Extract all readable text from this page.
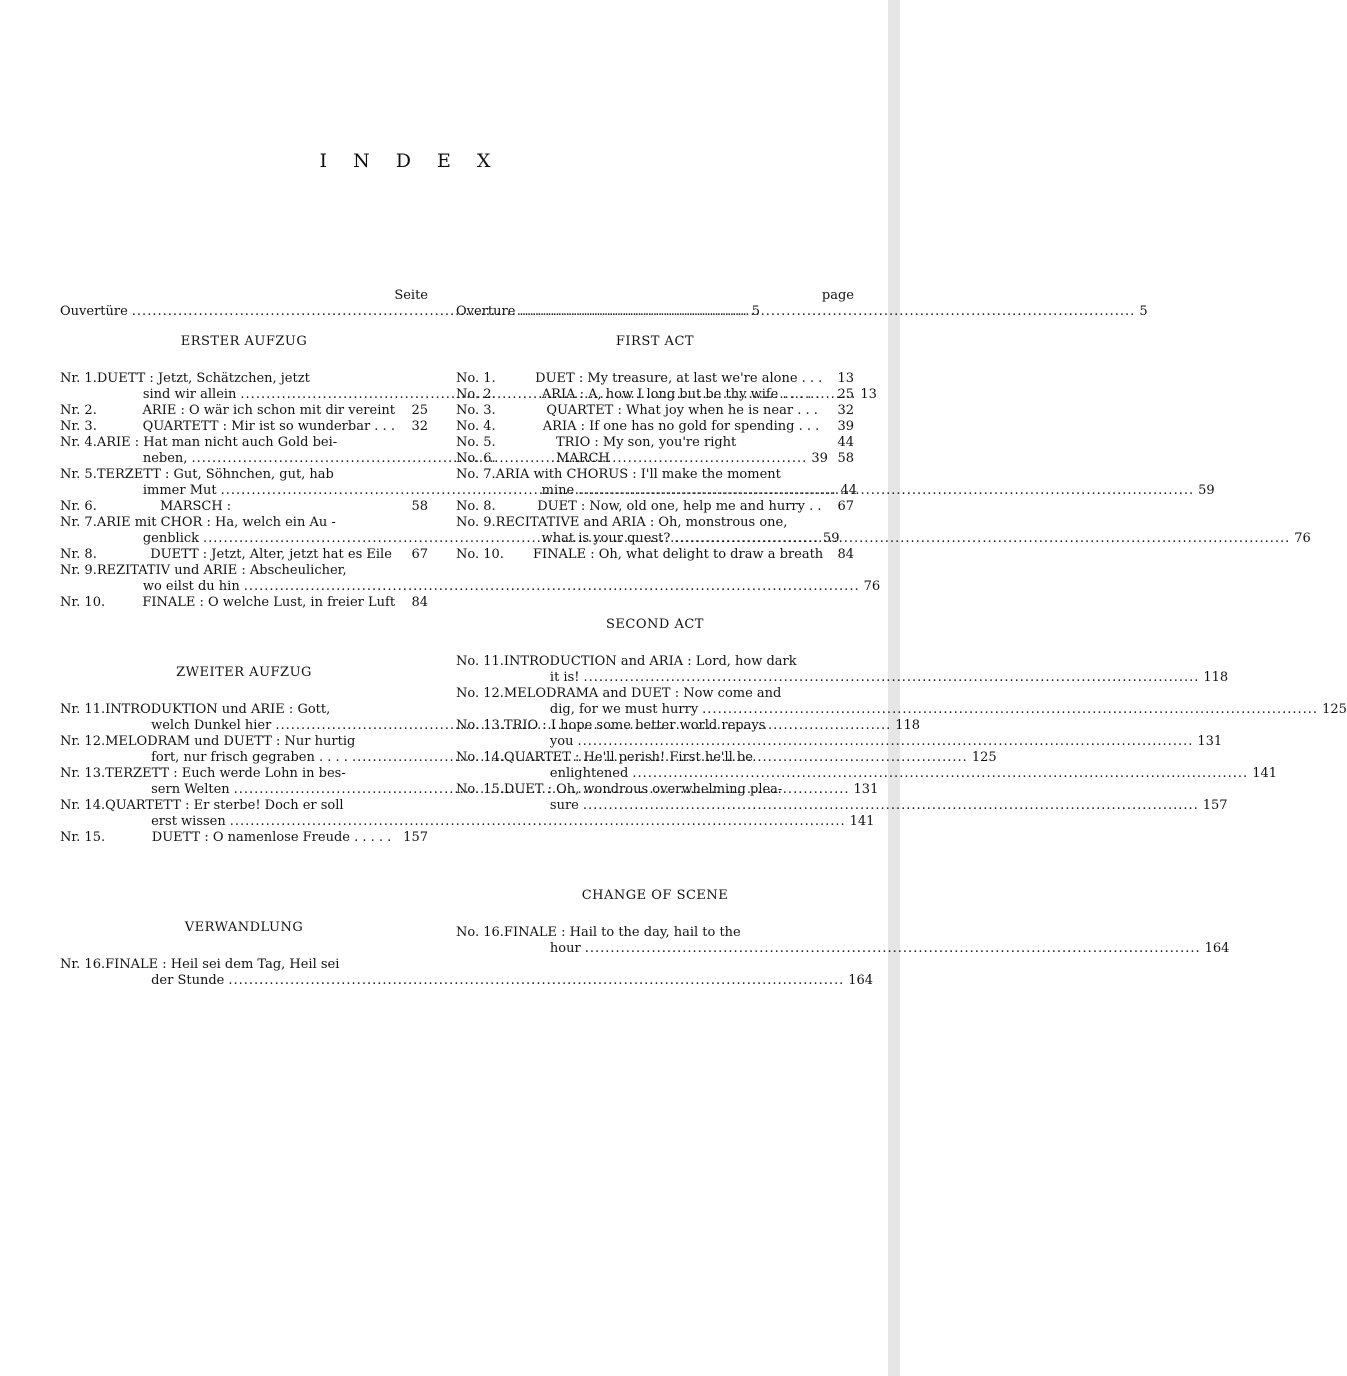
I N D E X
Seite
Ouvertüre .....	5
ERSTER AUFZUG
Nr. 1. DUETT : Jetzt, Schätzchen, jetzt
sind wir allein .....	13
Nr. 2.	ARIE : O wär ich schon mit dir vereint	25
Nr. 3.	QUARTETT : Mir ist so wunderbar . . .	32
Nr. 4. ARIE : Hat man nicht auch Gold bei-
neben, .....	39
Nr. 5. TERZETT : Gut, Söhnchen, gut, hab
immer Mut .....	44
Nr. 6.	MARSCH :	58
Nr. 7. ARIE mit CHOR : Ha, welch ein Au -
genblick .....	59
Nr. 8.	DUETT : Jetzt, Alter, jetzt hat es Eile	67
Nr. 9. REZITATIV und ARIE : Abscheulicher,
wo eilst du hin .....	76
Nr. 10.	FINALE : O welche Lust, in freier Luft	84
ZWEITER AUFZUG
Nr. 11. INTRODUKTION und ARIE : Gott,
welch Dunkel hier .....	118
Nr. 12. MELODRAM und DUETT : Nur hurtig
fort, nur frisch gegraben . . . . .....	125
Nr. 13. TERZETT : Euch werde Lohn in bes-
sern Welten .....	131
Nr. 14. QUARTETT : Er sterbe! Doch er soll
erst wissen .....	141
Nr. 15.	DUETT : O namenlose Freude . . . . . 157
VERWANDLUNG
Nr. 16. FINALE : Heil sei dem Tag, Heil sei
der Stunde .....	164
page
Overture .....	5
FIRST ACT
No. 1.	DUET : My treasure, at last we're alone . . .	13
No. 2.	ARIA : A, how I long but be thy wife . . . . .	25
No. 3.	QUARTET : What joy when he is near . . .	32
No. 4.	ARIA : If one has no gold for spending . . .	39
No. 5.	TRIO : My son, you're right	44
No. 6.	MARCH	58
No. 7. ARIA with CHORUS : I'll make the moment
mine .....	59
No. 8.	DUET : Now, old one, help me and hurry . .	67
No. 9. RECITATIVE and ARIA : Oh, monstrous one,
what is your quest? .....	76
No. 10.	FINALE : Oh, what delight to draw a breath	84
SECOND ACT
No. 11. INTRODUCTION and ARIA : Lord, how dark
it is! .....	118
No. 12. MELODRAMA and DUET : Now come and
dig, for we must hurry .....	125
No. 13. TRIO : I hope some better world repays
you .....	131
No. 14. QUARTET : He'll perish! First he'll be
enlightened .....	141
No. 15. DUET : Oh, wondrous overwhelming plea-
sure .....	157
CHANGE OF SCENE
No. 16. FINALE : Hail to the day, hail to the
hour .....	164
